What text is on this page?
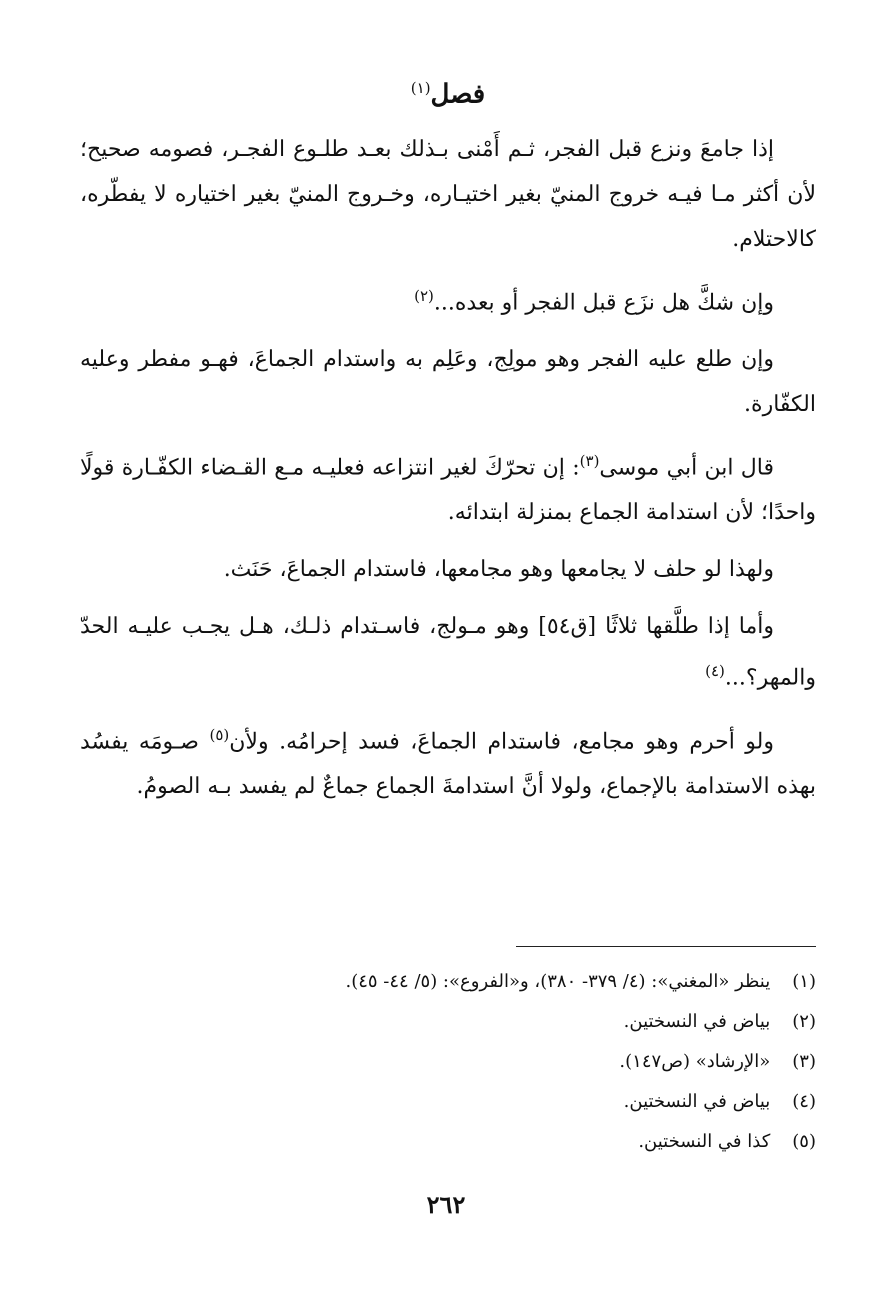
فصل$^{(١)}$

إذا جامعَ ونزع قبل الفجر، ثـم أَمْنى بـذلك بعـد طلـوع الفجـر، فصومه صحيح؛ لأن أكثر مـا فيـه خروج المنيّ بغير اختيـاره، وخـروج المنيّ بغير اختياره لا يفطّره، كالاحتلام.

وإن شكَّ هل نزَع قبل الفجر أو بعده...$^{(٢)}$

وإن طلع عليه الفجر وهو مولِج، وعَلِم به واستدام الجماعَ، فهـو مفطر وعليه الكفّارة.

قال ابن أبي موسى$^{(٣)}$: إن تحرّكَ لغير انتزاعه فعليـه مـع القـضاء الكفّـارة قولًا واحدًا؛ لأن استدامة الجماع بمنزلة ابتدائه.

ولهذا لو حلف لا يجامعها وهو مجامعها، فاستدام الجماعَ، حَنَث.

وأما إذا طلَّقها ثلاثًا [ق٥٤] وهو مـولج، فاسـتدام ذلـك، هـل يجـب عليـه الحدّ والمهر؟...$^{(٤)}$

ولو أحرم وهو مجامع، فاستدام الجماعَ، فسد إحرامُه. ولأن$^{(٥)}$ صـومَه يفسُد بهذه الاستدامة بالإجماع، ولولا أنَّ استدامةَ الجماع جماعٌ لم يفسد بـه الصومُ.

(١) ينظر «المغني»: (٤/ ٣٧٩- ٣٨٠)، و«الفروع»: (٥/ ٤٤- ٤٥).
(٢) بياض في النسختين.
(٣) «الإرشاد» (ص١٤٧).
(٤) بياض في النسختين.
(٥) كذا في النسختين.
٢٦٢
